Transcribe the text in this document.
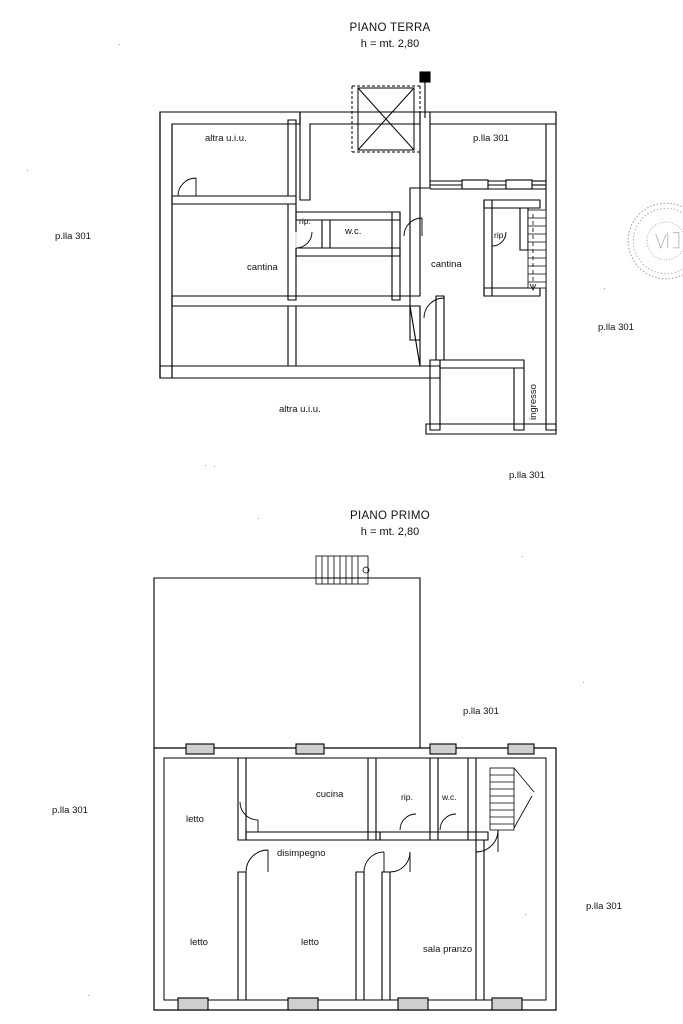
PIANO TERRA
h = mt. 2,80
altra u.i.u.
rip.
w.c.
cantina	cantina
rip.
altra u.i.u.	ingresso
p.lla 301
p.lla 301
p.lla 301
p.lla 301
PIANO PRIMO
h = mt. 2,80
letto
cucina	rip.	w.c.
disimpegno
letto	letto
sala pranzo
p.lla 301
p.lla 301
p.lla 301
